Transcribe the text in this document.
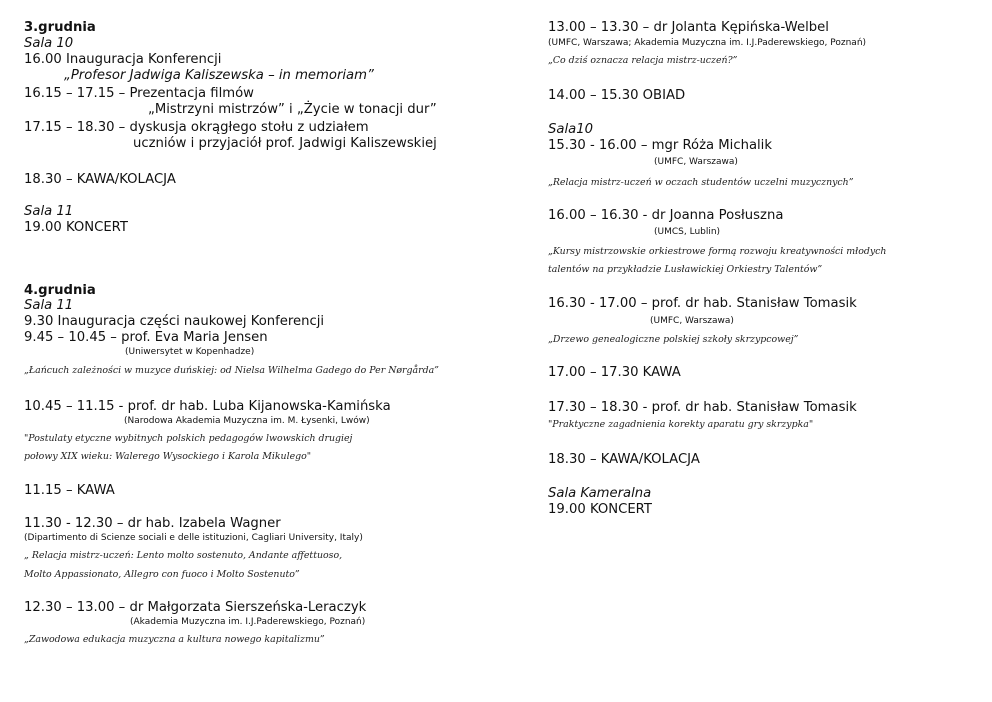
3.grudnia
Sala 10
16.00 Inauguracja Konferencji
„Profesor Jadwiga Kaliszewska – in memoriam”
16.15 – 17.15 – Prezentacja filmów
„Mistrzyni mistrzów” i „Życie w tonacji dur”
17.15 – 18.30 – dyskusja okrągłego stołu z udziałem
uczniów i przyjaciół prof. Jadwigi Kaliszewskiej
18.30 – KAWA/KOLACJA
Sala 11
19.00 KONCERT
4.grudnia
Sala 11
9.30 Inauguracja części naukowej Konferencji
9.45 – 10.45 – prof. Eva Maria Jensen
(Uniwersytet w Kopenhadze)
„Łańcuch zależności w muzyce duńskiej: od Nielsa Wilhelma Gadego do Per Nørgårda”
10.45 – 11.15 - prof. dr hab. Luba Kijanowska-Kamińska
(Narodowa Akademia Muzyczna im. M. Łysenki, Lwów)
"Postulaty etyczne wybitnych polskich pedagogów lwowskich drugiej
połowy XIX wieku: Walerego Wysockiego i Karola Mikulego"
11.15 – KAWA
11.30 - 12.30 – dr hab. Izabela Wagner
(Dipartimento di Scienze sociali e delle istituzioni, Cagliari University, Italy)
„ Relacja mistrz-uczeń: Lento molto sostenuto, Andante affettuoso,
Molto Appassionato, Allegro con fuoco i Molto Sostenuto”
12.30 – 13.00 – dr Małgorzata Sierszeńska-Leraczyk
(Akademia Muzyczna im. I.J.Paderewskiego, Poznań)
„Zawodowa edukacja muzyczna a kultura nowego kapitalizmu”
13.00 – 13.30 – dr Jolanta Kępińska-Welbel
(UMFC, Warszawa; Akademia Muzyczna im. I.J.Paderewskiego, Poznań)
„Co dziś oznacza relacja mistrz-uczeń?”
14.00 – 15.30 OBIAD
Sala10
15.30 - 16.00 – mgr Róża Michalik
(UMFC, Warszawa)
„Relacja mistrz-uczeń w oczach studentów uczelni muzycznych”
16.00 – 16.30 - dr Joanna Posłuszna
(UMCS, Lublin)
„Kursy mistrzowskie orkiestrowe formą rozwoju kreatywności młodych
talentów na przykładzie Lusławickiej Orkiestry Talentów”
16.30 - 17.00 – prof. dr hab. Stanisław Tomasik
(UMFC, Warszawa)
„Drzewo genealogiczne polskiej szkoły skrzypcowej”
17.00 – 17.30 KAWA
17.30 – 18.30 - prof. dr hab. Stanisław Tomasik
"Praktyczne zagadnienia korekty aparatu gry skrzypka"
18.30 – KAWA/KOLACJA
Sala Kameralna
19.00 KONCERT
